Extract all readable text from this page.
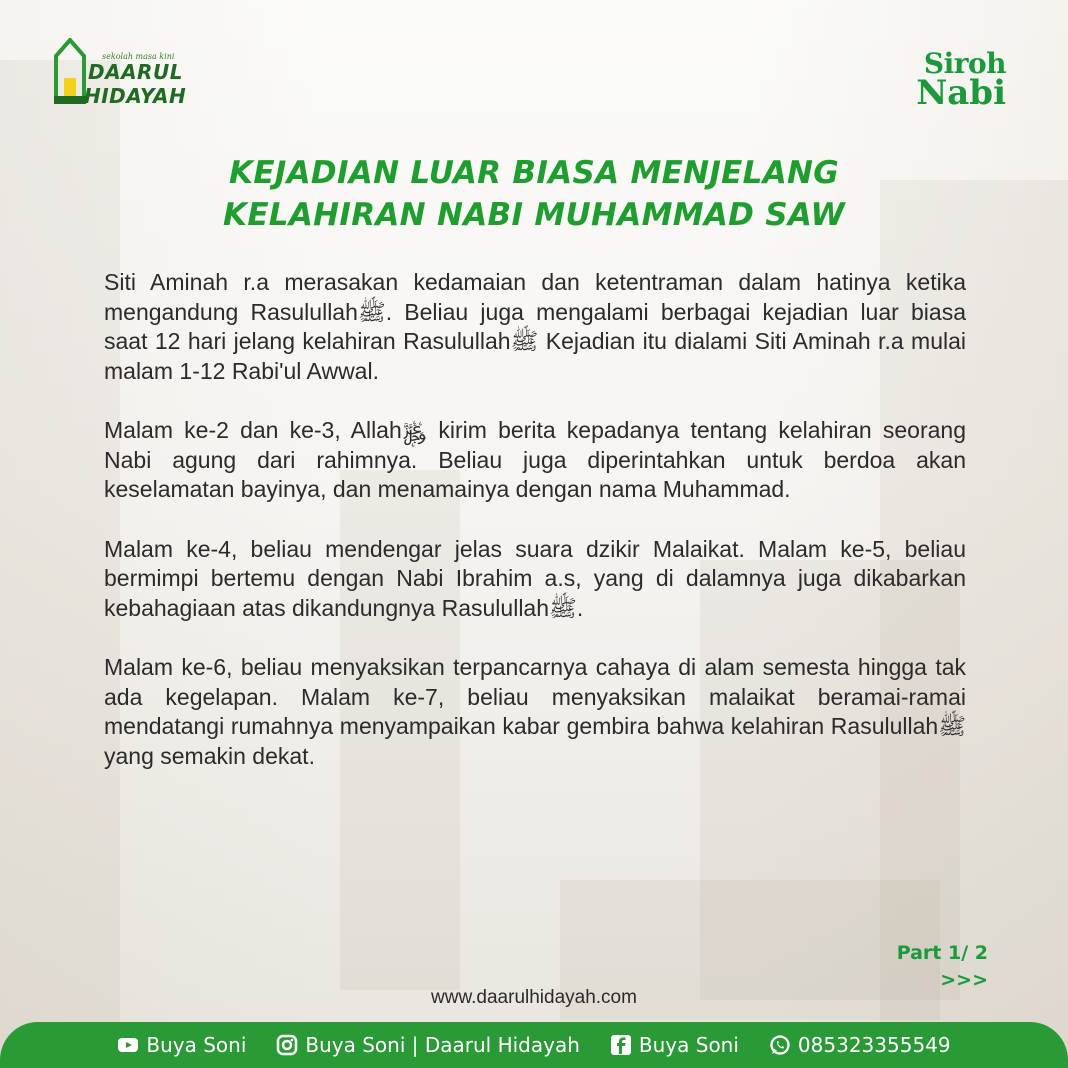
sekolah masa kini
DAARUL
HIDAYAH
Siroh
Nabi
KEJADIAN LUAR BIASA MENJELANG
KELAHIRAN NABI MUHAMMAD SAW

Siti Aminah r.a merasakan kedamaian dan ketentraman dalam hatinya ketika mengandung Rasulullahﷺ. Beliau juga mengalami berbagai kejadian luar biasa saat 12 hari jelang kelahiran Rasulullahﷺ Kejadian itu dialami Siti Aminah r.a mulai malam 1-12 Rabi'ul Awwal.

Malam ke-2 dan ke-3, Allah﷿ kirim berita kepadanya tentang kelahiran seorang Nabi agung dari rahimnya. Beliau juga diperintahkan untuk berdoa akan keselamatan bayinya, dan menamainya dengan nama Muhammad.

Malam ke-4, beliau mendengar jelas suara dzikir Malaikat. Malam ke-5, beliau bermimpi bertemu dengan Nabi Ibrahim a.s, yang di dalamnya juga dikabarkan kebahagiaan atas dikandungnya Rasulullahﷺ.

Malam ke-6, beliau menyaksikan terpancarnya cahaya di alam semesta hingga tak ada kegelapan. Malam ke-7, beliau menyaksikan malaikat beramai-ramai mendatangi rumahnya menyampaikan kabar gembira bahwa kelahiran Rasulullahﷺ yang semakin dekat.

Part 1/ 2
>>>
www.daarulhidayah.com
Buya Soni	Buya Soni | Daarul Hidayah	Buya Soni	085323355549
